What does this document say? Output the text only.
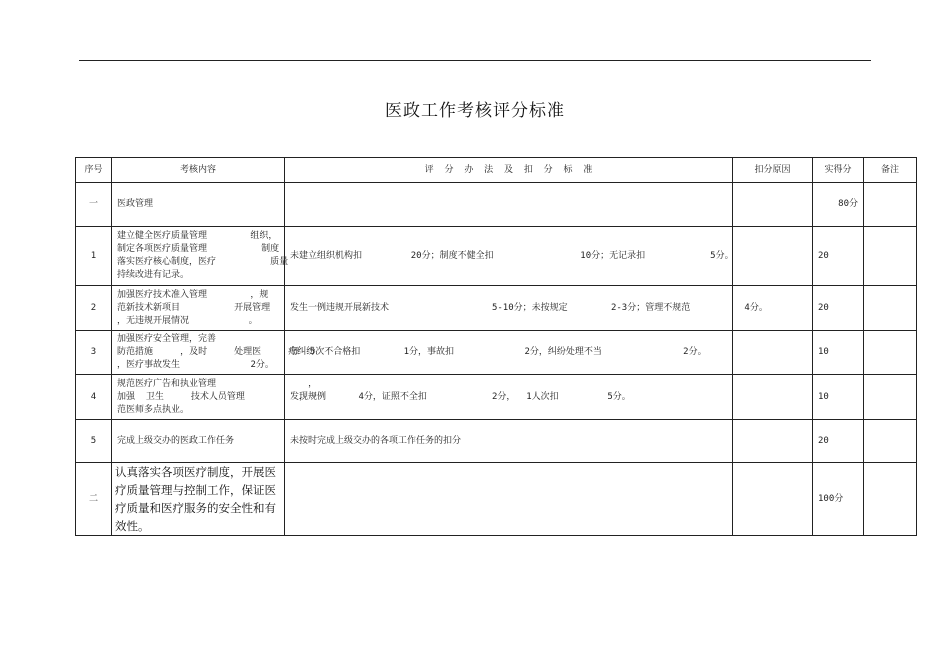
医政工作考核评分标准
序号	考核内容	评  分  办  法  及  扣  分  标  准	扣分原因	实得分	备注
一	医政管理			80分	
1	建立健全医疗质量管理        组织，
制定各项医疗质量管理          制度
落实医疗核心制度，医疗          质量
持续改进有记录。	未建立组织机构扣         20分；制度不健全扣                10分；无记录扣            5分。		20	
2	加强医疗技术准入管理        ，规
范新技术新项目          开展管理
，无违规开展情况           。	发生一例违规开展新技术                   5-10分；未按规定        2-3分；管理不规范          4分。		20	
3	加强医疗安全管理，完善
防范措施     ，及时     处理医     疗纠纷
，医疗事故发生             2分。	每  5次不合格扣        1分，事故扣             2分，纠纷处理不当               2分。		10	
4	规范医疗广告和执业管理                 ，
加强  卫生     技术人员管理          ，规
范医师多点执业。	发现一例      4分，证照不全扣            2分，  1人次扣         5分。		10	
5	完成上级交办的医政工作任务	未按时完成上级交办的各项工作任务的扣分		20	
二	认真落实各项医疗制度，开展医疗质量管理与控制工作，保证医疗质量和医疗服务的安全性和有效性。			100分	
